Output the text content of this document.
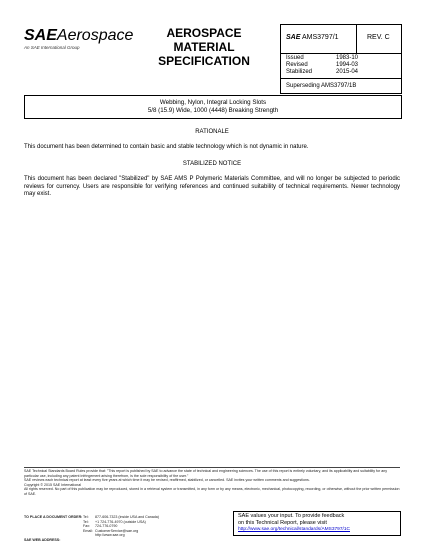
SAEAerospace
An SAE International Group
AEROSPACE
MATERIAL
SPECIFICATION
SAE AMS3797/1	REV. C
Issued	1983-10
Revised	1994-03
Stabilized	2015-04
Superseding AMS3797/1B
Webbing, Nylon, Integral Locking Slots
5/8 (15.9) Wide, 1000 (4448) Breaking Strength
RATIONALE
This document has been determined to contain basic and stable technology which is not dynamic in nature.
STABILIZED NOTICE
This document has been declared "Stabilized" by SAE AMS P Polymeric Materials Committee, and will no longer be subjected to periodic reviews for currency. Users are responsible for verifying references and continued suitability of technical requirements. Newer technology may exist.
SAE Technical Standards Board Rules provide that: "This report is published by SAE to advance the state of technical and engineering sciences. The use of this report is entirely voluntary, and its applicability and suitability for any particular use, including any patent infringement arising therefrom, is the sole responsibility of the user."
SAE reviews each technical report at least every five years at which time it may be revised, reaffirmed, stabilized, or cancelled. SAE invites your written comments and suggestions.
Copyright © 2015 SAE International
All rights reserved. No part of this publication may be reproduced, stored in a retrieval system or transmitted, in any form or by any means, electronic, mechanical, photocopying, recording, or otherwise, without the prior written permission of SAE.
TO PLACE A DOCUMENT ORDER: Tel: 877-606-7323 (inside USA and Canada)
Tel: +1 724-776-4970 (outside USA)
Fax: 724-776-0790
Email: CustomerService@sae.org
http://www.sae.org
SAE WEB ADDRESS:
SAE values your input. To provide feedback
on this Technical Report, please visit
http://www.sae.org/technical/standards/AMS3797/1C
